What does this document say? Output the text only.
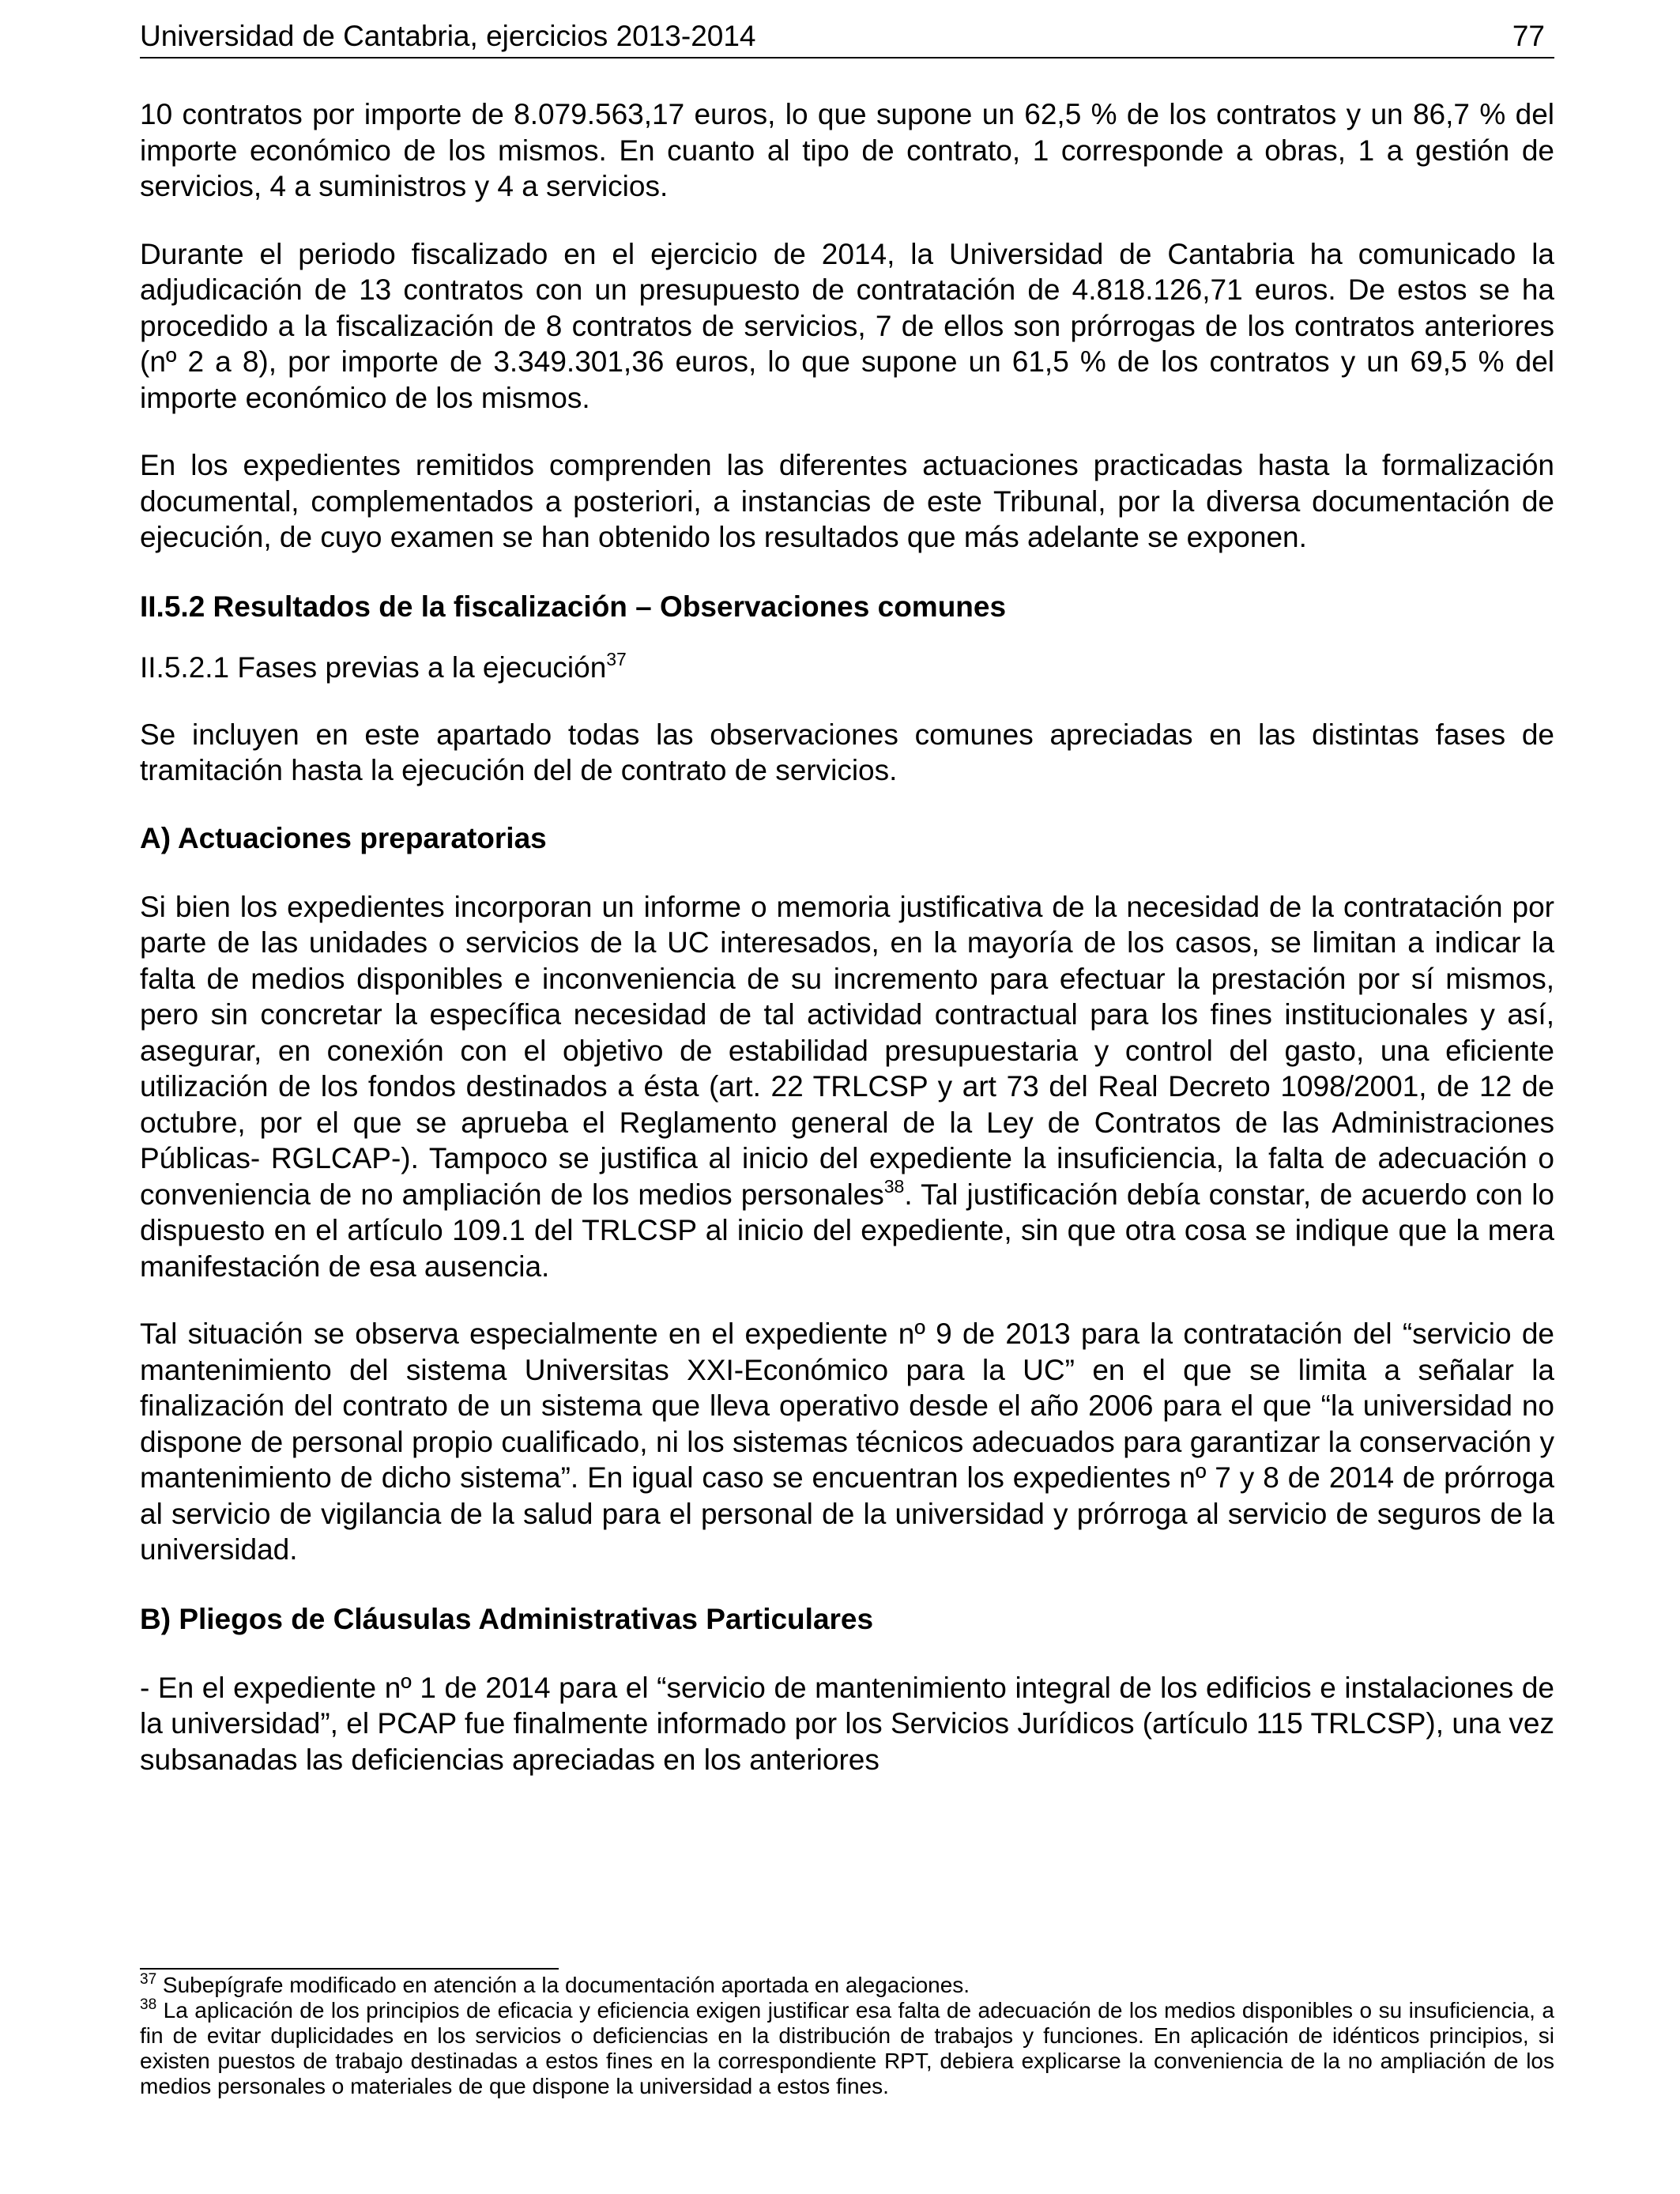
Universidad de Cantabria, ejercicios 2013-2014	77

10 contratos por importe de 8.079.563,17 euros, lo que supone un 62,5 % de los contratos y un 86,7 % del importe económico de los mismos. En cuanto al tipo de contrato, 1 corresponde a obras, 1 a gestión de servicios, 4 a suministros y 4 a servicios.

Durante el periodo fiscalizado en el ejercicio de 2014, la Universidad de Cantabria ha comunicado la adjudicación de 13 contratos con un presupuesto de contratación de 4.818.126,71 euros. De estos se ha procedido a la fiscalización de 8 contratos de servicios, 7 de ellos son prórrogas de los contratos anteriores (nº 2 a 8), por importe de 3.349.301,36 euros, lo que supone un 61,5 % de los contratos y un 69,5 % del importe económico de los mismos.

En los expedientes remitidos comprenden las diferentes actuaciones practicadas hasta la formalización documental, complementados a posteriori, a instancias de este Tribunal, por la diversa documentación de ejecución, de cuyo examen se han obtenido los resultados que más adelante se exponen.

II.5.2 Resultados de la fiscalización – Observaciones comunes
II.5.2.1 Fases previas a la ejecución$^{37}$

Se incluyen en este apartado todas las observaciones comunes apreciadas en las distintas fases de tramitación hasta la ejecución del de contrato de servicios.

A) Actuaciones preparatorias

Si bien los expedientes incorporan un informe o memoria justificativa de la necesidad de la contratación por parte de las unidades o servicios de la UC interesados, en la mayoría de los casos, se limitan a indicar la falta de medios disponibles e inconveniencia de su incremento para efectuar la prestación por sí mismos, pero sin concretar la específica necesidad de tal actividad contractual para los fines institucionales y así, asegurar, en conexión con el objetivo de estabilidad presupuestaria y control del gasto, una eficiente utilización de los fondos destinados a ésta (art. 22 TRLCSP y art 73 del Real Decreto 1098/2001, de 12 de octubre, por el que se aprueba el Reglamento general de la Ley de Contratos de las Administraciones Públicas- RGLCAP-). Tampoco se justifica al inicio del expediente la insuficiencia, la falta de adecuación o conveniencia de no ampliación de los medios personales$^{38}$. Tal justificación debía constar, de acuerdo con lo dispuesto en el artículo 109.1 del TRLCSP al inicio del expediente, sin que otra cosa se indique que la mera manifestación de esa ausencia.

Tal situación se observa especialmente en el expediente nº 9 de 2013 para la contratación del “servicio de mantenimiento del sistema Universitas XXI-Económico para la UC” en el que se limita a señalar la finalización del contrato de un sistema que lleva operativo desde el año 2006 para el que “la universidad no dispone de personal propio cualificado, ni los sistemas técnicos adecuados para garantizar la conservación y mantenimiento de dicho sistema”. En igual caso se encuentran los expedientes nº 7 y 8 de 2014 de prórroga al servicio de vigilancia de la salud para el personal de la universidad y prórroga al servicio de seguros de la universidad.

B) Pliegos de Cláusulas Administrativas Particulares

- En el expediente nº 1 de 2014 para el “servicio de mantenimiento integral de los edificios e instalaciones de la universidad”, el PCAP fue finalmente informado por los Servicios Jurídicos (artículo 115 TRLCSP), una vez subsanadas las deficiencias apreciadas en los anteriores

$^{37}$ Subepígrafe modificado en atención a la documentación aportada en alegaciones.

$^{38}$ La aplicación de los principios de eficacia y eficiencia exigen justificar esa falta de adecuación de los medios disponibles o su insuficiencia, a fin de evitar duplicidades en los servicios o deficiencias en la distribución de trabajos y funciones. En aplicación de idénticos principios, si existen puestos de trabajo destinadas a estos fines en la correspondiente RPT, debiera explicarse la conveniencia de la no ampliación de los medios personales o materiales de que dispone la universidad a estos fines.
